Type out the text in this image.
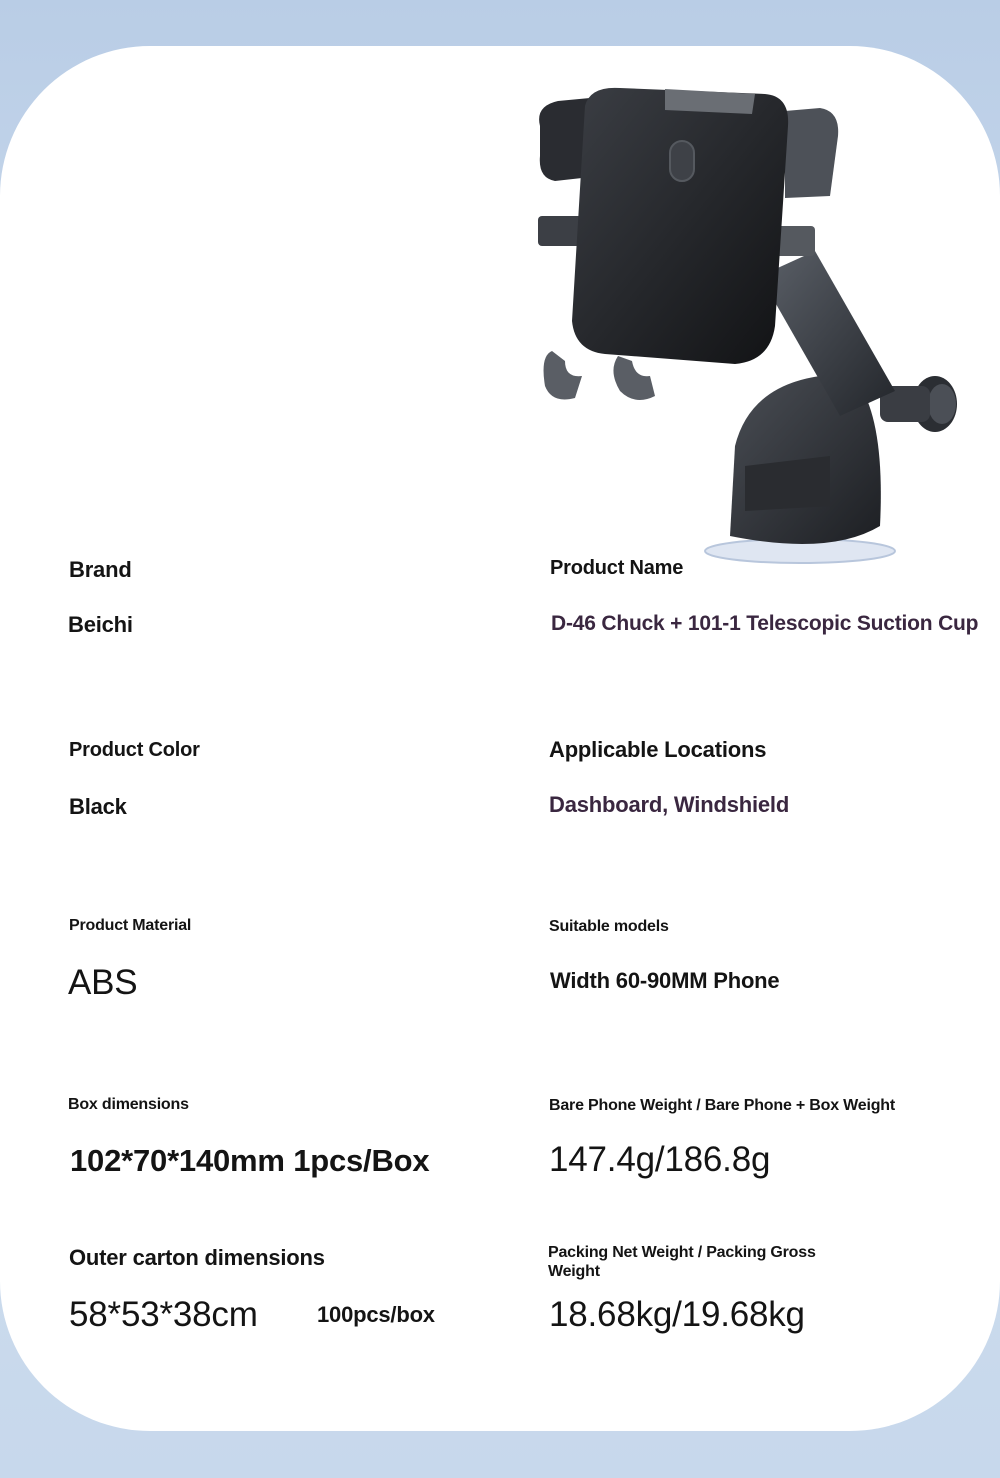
Brand
Beichi
Product Name
D-46 Chuck + 101-1 Telescopic Suction Cup
Product Color
Black
Applicable Locations
Dashboard, Windshield
Product Material
ABS
Suitable models
Width 60-90MM Phone
Box dimensions
102*70*140mm 1pcs/Box
Bare Phone Weight / Bare Phone + Box Weight
147.4g/186.8g
Outer carton dimensions
58*53*38cm	100pcs/box
Packing Net Weight / Packing Gross
Weight
18.68kg/19.68kg
